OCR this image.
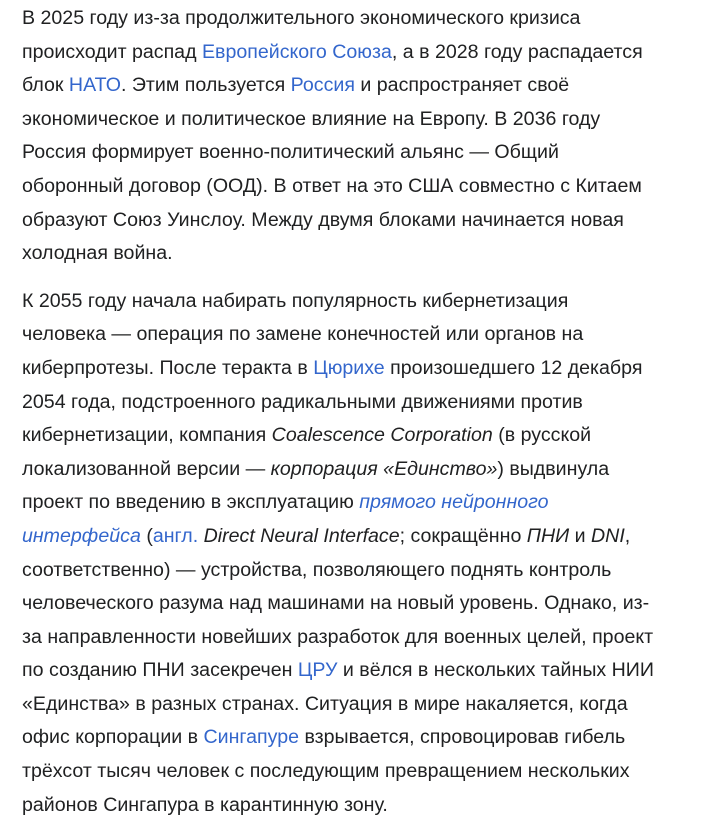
В 2025 году из-за продолжительного экономического кризиса
происходит распад Европейского Союза, а в 2028 году распадается
блок НАТО. Этим пользуется Россия и распространяет своё
экономическое и политическое влияние на Европу. В 2036 году
Россия формирует военно-политический альянс — Общий
оборонный договор (ООД). В ответ на это США совместно с Китаем
образуют Союз Уинслоу. Между двумя блоками начинается новая
холодная война.

К 2055 году начала набирать популярность кибернетизация
человека — операция по замене конечностей или органов на
киберпротезы. После теракта в Цюрихе произошедшего 12 декабря
2054 года, подстроенного радикальными движениями против
кибернетизации, компания Coalescence Corporation (в русской
локализованной версии — корпорация «Единство») выдвинула
проект по введению в эксплуатацию прямого нейронного
интерфейса (англ. Direct Neural Interface; сокращённо ПНИ и DNI,
соответственно) — устройства, позволяющего поднять контроль
человеческого разума над машинами на новый уровень. Однако, из-
за направленности новейших разработок для военных целей, проект
по созданию ПНИ засекречен ЦРУ и вёлся в нескольких тайных НИИ
«Единства» в разных странах. Ситуация в мире накаляется, когда
офис корпорации в Сингапуре взрывается, спровоцировав гибель
трёхсот тысяч человек с последующим превращением нескольких
районов Сингапура в карантинную зону.
